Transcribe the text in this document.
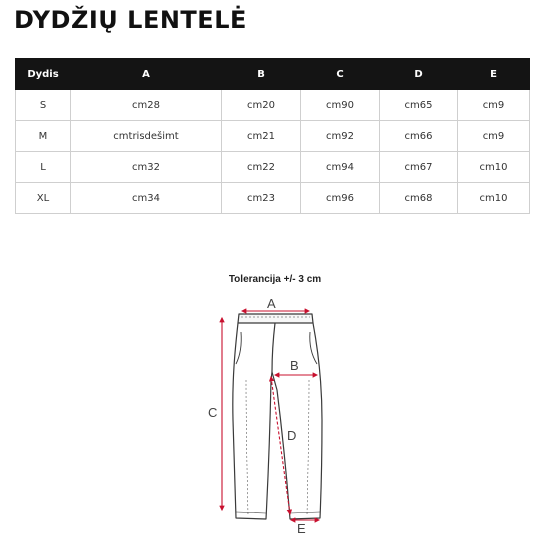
DYDŽIŲ LENTELĖ
Dydis	A	B	C	D	E
S	cm28	cm20	cm90	cm65	cm9
M	cmtrisdešimt	cm21	cm92	cm66	cm9
L	cm32	cm22	cm94	cm67	cm10
XL	cm34	cm23	cm96	cm68	cm10
Tolerancija +/- 3 cm
A
B
C
D
E
